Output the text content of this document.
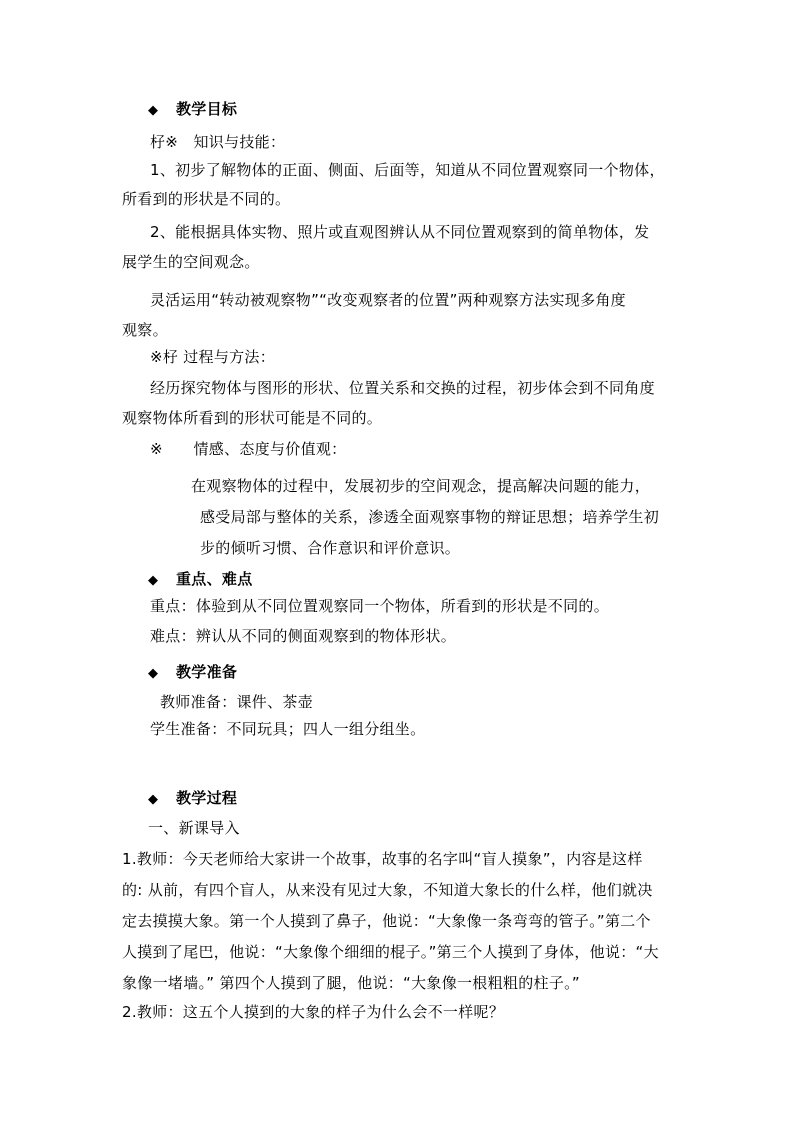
◆ 教学目标
杍※　知识与技能：
1、初步了解物体的正面、侧面、后面等，知道从不同位置观察同一个物体，
所看到的形状是不同的。
2、能根据具体实物、照片或直观图辨认从不同位置观察到的简单物体，发
展学生的空间观念。
灵活运用“转动被观察物”“改变观察者的位置”两种观察方法实现多角度
观察。
※杍 过程与方法：
经历探究物体与图形的形状、位置关系和交换的过程，初步体会到不同角度
观察物体所看到的形状可能是不同的。
※　　情感、态度与价值观：
在观察物体的过程中，发展初步的空间观念，提高解决问题的能力，
感受局部与整体的关系，渗透全面观察事物的辩证思想；培养学生初
步的倾听习惯、合作意识和评价意识。
◆ 重点、难点
重点：体验到从不同位置观察同一个物体，所看到的形状是不同的。
难点：辨认从不同的侧面观察到的物体形状。
◆ 教学准备
教师准备：课件、茶壶
学生准备：不同玩具；四人一组分组坐。
◆ 教学过程
一、新课导入
1.教师：今天老师给大家讲一个故事，故事的名字叫“盲人摸象”，内容是这样
的: 从前，有四个盲人，从来没有见过大象，不知道大象长的什么样，他们就决
定去摸摸大象。第一个人摸到了鼻子，他说：“大象像一条弯弯的管子。”第二个
人摸到了尾巴，他说：“大象像个细细的棍子。”第三个人摸到了身体，他说：“大
象像一堵墙。” 第四个人摸到了腿，他说：“大象像一根粗粗的柱子。”
2.教师：这五个人摸到的大象的样子为什么会不一样呢？
